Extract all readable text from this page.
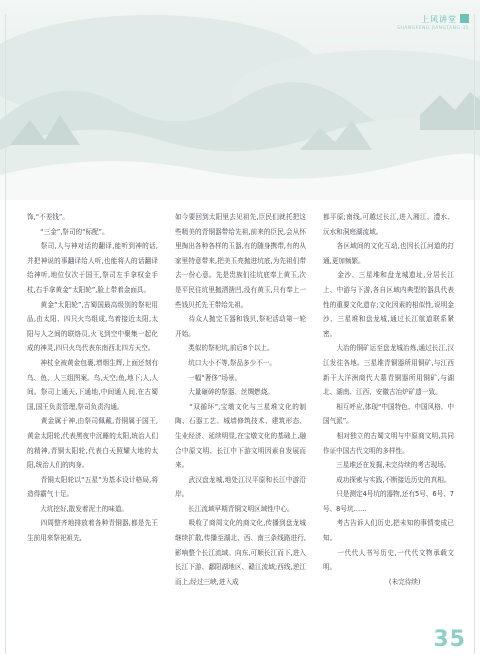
上风讲堂
SHANGFENG JIANGTANG 35
饰,“不差钱”。
　　“三金”,祭司的“标配”。
　　祭司,人与神对话的翻译,能听到神的话,并把神说的事翻译给人听,也能将人的话翻译给神听,地位仅次于国王,祭司左手拿权金手杖,右手拿黄金“太阳轮”,脸上带着金面具。
　　黄金“太阳轮”,古蜀国最高级别的祭祀用品,由太阳、四只火鸟组成,鸟着接近太阳,太阳与人之间的联络员,火飞到空中聚集一起化成的神灵,四只火鸟代表东南西北四方天空。
　　神杖全被黄金包裹,增烟生辉,上面还刻有鸟、鱼、人三组图案。鸟,天空;鱼,地下;人,人间。祭司上通天,下通地,中间通人间,在古蜀国,国王负责管理,祭司负责沟通。
　　黄金属于神,由祭司佩戴,青铜属于国王,黄金太阳轮,代表黑夜中沉睡的太阳,统治人们的精神,青铜太阳轮,代表白天照耀大地的太阳,统治人们的肉身。
　　青铜太阳轮以“五星”为基本设计格局,将造得霸气十足。
　　大坑挖好,散发着泥土的味道。
　　四周整齐地排放着各种青铜器,都是先王生前用来祭祀祖先,
如今要回到太阳里去见祖先,臣民们就托把这些精美的青铜器带给先祖,前来的臣民,会从怀里掏出各种各样的玉器,有的随身携带,有的从家里特意带来,把美玉亮抛进坑底,为先祖们带去一份心意。先是贵族们往坑底奉上黄玉,次是平民往坑里抛洒凿凹,没有黄玉,只有奉上一些钱贝托先王带给先祖。
　　待众人抛完玉器和钱贝,祭祀活动第一轮开始。
　　类似的祭祀坑,前后8个以上。
　　坑口大小不等,祭品多少不一。
　　一幅“奢侈”场景。
　　大量砸碎的祭器、丝绸燃烧。
　　“双循环”,宝墩文化与三星堆文化的制陶、石器工艺、城墙修筑技术、建筑形态、生业经济、延续明显,在宝墩文化的基础上,融合中原文明、长江中下游文明因素自发展而来。
　　武汉盘龙城,地处江汉平原和长江中游沿岸。
　　长江流域早期青铜文明区域性中心。
　　吸收了商周文化的商文化,传播到盘龙城继续扩散,传播至湖北、西、南三条线路进行,影响整个长江流域。向东,可顺长江而下,进入长江下游、鄱阳湖地区、赣江流域;西线,逆江而上,经过三峡,进入成
都平原;南线,可越过长江,进入湘江、澧水、沅水和洞庭湖流域。
　　各区域间的文化互动,也因长江河道的打通,更加频繁。
　　金沙、三星堆和盘龙城遗址,分居长江上、中游与下游,各自区域内典型的器具代表性的重要文化遗存;文化因素的相似性,说明金沙、三星堆和盘龙城,通过长江航道联系紧密。
　　大冶的铜矿运至盘龙城冶炼,通过长江,汉江发往各地。三星堆青铜器所用铜矿,与江西新干大洋洲商代大墓青铜器所用铜矿,与湖北、湖南、江西、安徽古冶炉矿遗一致。
　　相互呼应,体现“中国特色、中国风格、中国气派”。
　　相对独立的古蜀文明与中原商文明,共同作证中国古代文明的多样性。
　　三星堆还在发掘,未完待续的考古现场。
　　成功探索与实践,不断接近历史的真相。
　　只是测定4号坑的器物,还有5号、6号、7号、8号坑……
　　考古告诉人们历史,把未知的事情变成已知。
　　一代代人书写历史,一代代文物承载文明。
　　　　　　　　　　(未完待续)
35
